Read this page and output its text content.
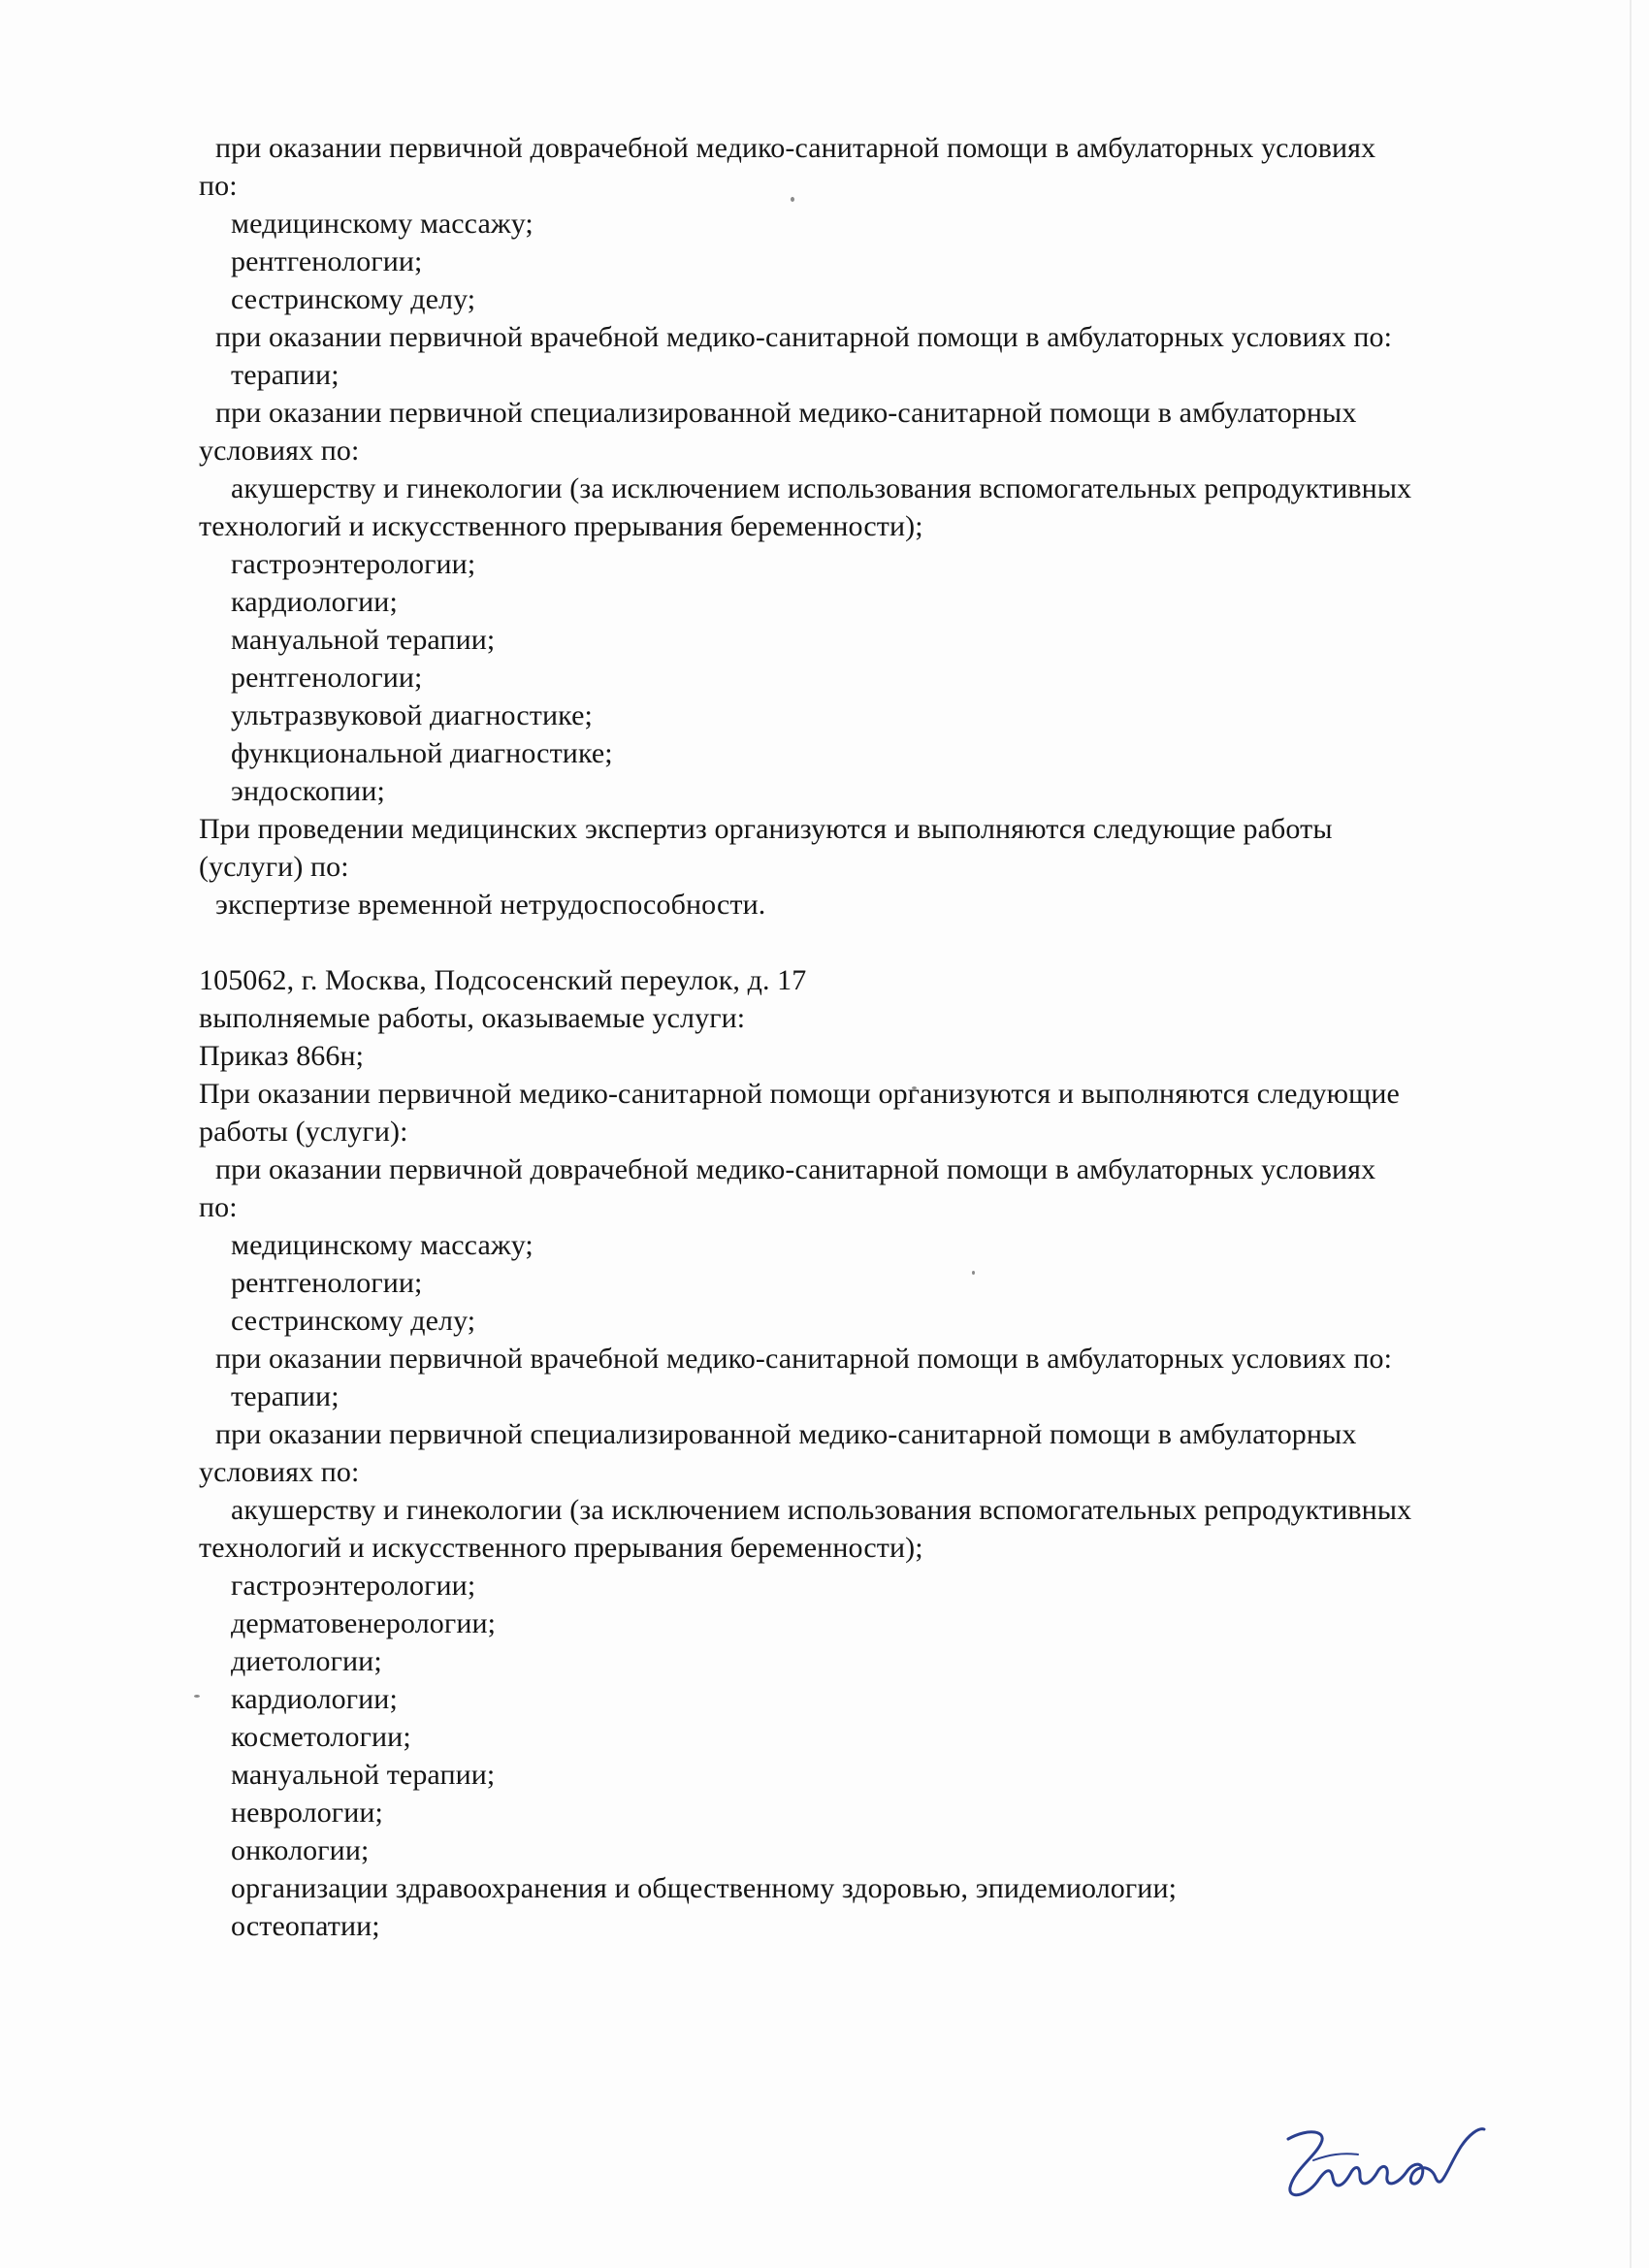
при оказании первичной доврачебной медико-санитарной помощи в амбулаторных условиях
по:
медицинскому массажу;
рентгенологии;
сестринскому делу;
при оказании первичной врачебной медико-санитарной помощи в амбулаторных условиях по:
терапии;
при оказании первичной специализированной медико-санитарной помощи в амбулаторных
условиях по:
акушерству и гинекологии (за исключением использования вспомогательных репродуктивных
технологий и искусственного прерывания беременности);
гастроэнтерологии;
кардиологии;
мануальной терапии;
рентгенологии;
ультразвуковой диагностике;
функциональной диагностике;
эндоскопии;
При проведении медицинских экспертиз организуются и выполняются следующие работы
(услуги) по:
экспертизе временной нетрудоспособности.
105062, г. Москва, Подсосенский переулок, д. 17
выполняемые работы, оказываемые услуги:
Приказ 866н;
При оказании первичной медико-санитарной помощи организуются и выполняются следующие
работы (услуги):
при оказании первичной доврачебной медико-санитарной помощи в амбулаторных условиях
по:
медицинскому массажу;
рентгенологии;
сестринскому делу;
при оказании первичной врачебной медико-санитарной помощи в амбулаторных условиях по:
терапии;
при оказании первичной специализированной медико-санитарной помощи в амбулаторных
условиях по:
акушерству и гинекологии (за исключением использования вспомогательных репродуктивных
технологий и искусственного прерывания беременности);
гастроэнтерологии;
дерматовенерологии;
диетологии;
кардиологии;
косметологии;
мануальной терапии;
неврологии;
онкологии;
организации здравоохранения и общественному здоровью, эпидемиологии;
остеопатии;
